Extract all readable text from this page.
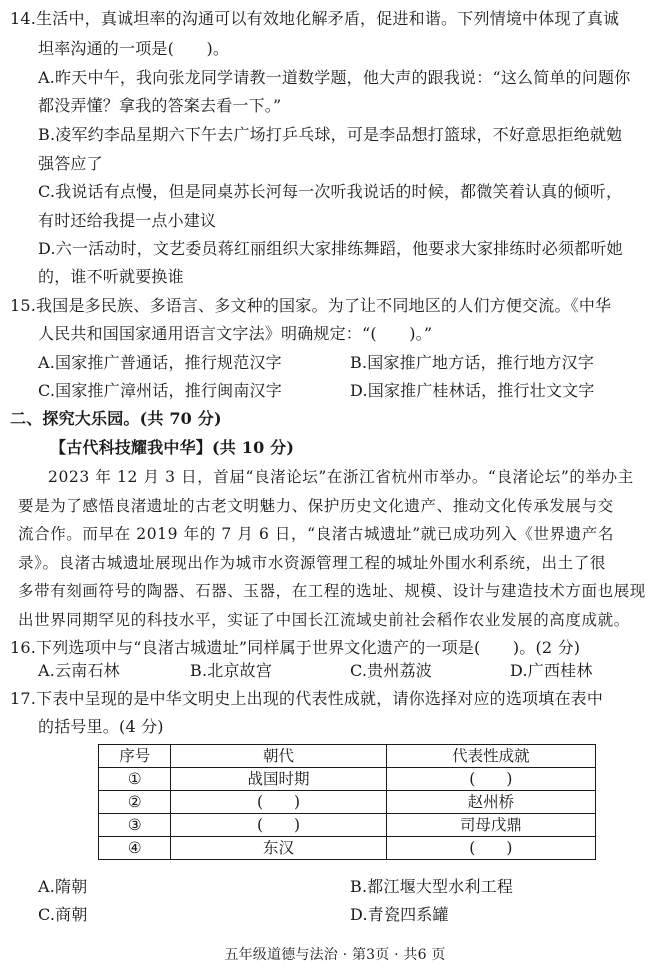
14.生活中，真诚坦率的沟通可以有效地化解矛盾，促进和谐。下列情境中体现了真诚
坦率沟通的一项是(　　)。
A.昨天中午，我向张龙同学请教一道数学题，他大声的跟我说：“这么简单的问题你
都没弄懂？拿我的答案去看一下。”
B.凌军约李品星期六下午去广场打乒乓球，可是李品想打篮球，不好意思拒绝就勉
强答应了
C.我说话有点慢，但是同桌苏长河每一次听我说话的时候，都微笑着认真的倾听，
有时还给我提一点小建议
D.六一活动时，文艺委员蒋红丽组织大家排练舞蹈，他要求大家排练时必须都听她
的，谁不听就要换谁
15.我国是多民族、多语言、多文种的国家。为了让不同地区的人们方便交流。《中华
人民共和国国家通用语言文字法》明确规定：“(　　)。”
A.国家推广普通话，推行规范汉字	B.国家推广地方话，推行地方汉字
C.国家推广漳州话，推行闽南汉字	D.国家推广桂林话，推行壮文文字
二、探究大乐园。(共 70 分)
【古代科技耀我中华】(共 10 分)
2023 年 12 月 3 日，首届“良渚论坛”在浙江省杭州市举办。“良渚论坛”的举办主
要是为了感悟良渚遗址的古老文明魅力、保护历史文化遗产、推动文化传承发展与交
流合作。而早在 2019 年的 7 月 6 日，“良渚古城遗址”就已成功列入《世界遗产名
录》。良渚古城遗址展现出作为城市水资源管理工程的城址外围水利系统，出土了很
多带有刻画符号的陶器、石器、玉器，在工程的选址、规模、设计与建造技术方面也展现
出世界同期罕见的科技水平，实证了中国长江流域史前社会稻作农业发展的高度成就。
16.下列选项中与“良渚古城遗址”同样属于世界文化遗产的一项是(　　)。(2 分)
A.云南石林	B.北京故宫	C.贵州荔波	D.广西桂林
17.下表中呈现的是中华文明史上出现的代表性成就，请你选择对应的选项填在表中
的括号里。(4 分)
序号	朝代	代表性成就
①	战国时期	(　　)
②	(　　)	赵州桥
③	(　　)	司母戊鼎
④	东汉	(　　)
A.隋朝	B.都江堰大型水利工程
C.商朝	D.青瓷四系罐
五年级道德与法治 · 第3页 · 共6 页
